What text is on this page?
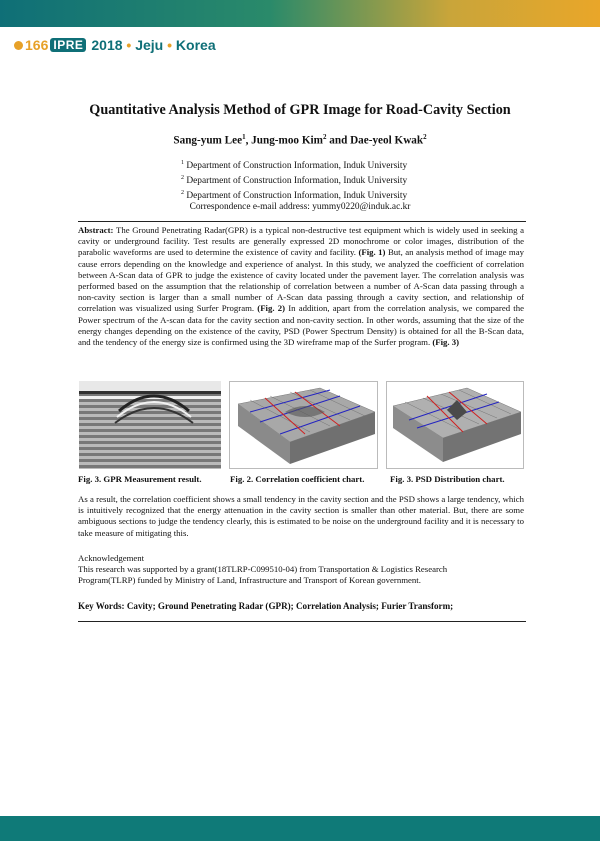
166 IPRE 2018 • Jeju • Korea
Quantitative Analysis Method of GPR Image for Road-Cavity Section
Sang-yum Lee$^1$, Jung-moo Kim$^2$ and Dae-yeol Kwak$^2$
$^1$ Department of Construction Information, Induk University
$^2$ Department of Construction Information, Induk University
$^2$ Department of Construction Information, Induk University
Correspondence e-mail address: yummy0220@induk.ac.kr
Abstract: The Ground Penetrating Radar(GPR) is a typical non-destructive test equipment which is widely used in seeking a cavity or underground facility. Test results are generally expressed 2D monochrome or color images, distribution of the parabolic waveforms are used to determine the existence of cavity and facility. (Fig. 1) But, an analysis method of image may cause errors depending on the knowledge and experience of analyst. In this study, we analyzed the coefficient of correlation between A-Scan data of GPR to judge the existence of cavity located under the pavement layer. The correlation analysis was performed based on the assumption that the relationship of correlation between a number of A-Scan data passing through a non-cavity section is larger than a small number of A-Scan data passing through a cavity section, and relationship of correlation was visualized using Surfer Program. (Fig. 2) In addition, apart from the correlation analysis, we compared the Power spectrum of the A-scan data for the cavity section and non-cavity section. In other words, assuming that the size of the energy changes depending on the existence of the cavity, PSD (Power Spectrum Density) is obtained for all the B-Scan data, and the tendency of the energy size is confirmed using the 3D wireframe map of the Surfer program. (Fig. 3)
Fig. 3. GPR Measurement result.	Fig. 2. Correlation coefficient chart.	Fig. 3. PSD Distribution chart.
As a result, the correlation coefficient shows a small tendency in the cavity section and the PSD shows a large tendency, which is intuitively recognized that the energy attenuation in the cavity section is smaller than other material. But, there are some ambiguous sections to judge the tendency clearly, this is estimated to be noise on the underground facility and it is necessary to take measure of mitigating this.
Acknowledgement
This research was supported by a grant(18TLRP-C099510-04) from Transportation & Logistics Research Program(TLRP) funded by Ministry of Land, Infrastructure and Transport of Korean government.
Key Words: Cavity; Ground Penetrating Radar (GPR); Correlation Analysis; Furier Transform;
